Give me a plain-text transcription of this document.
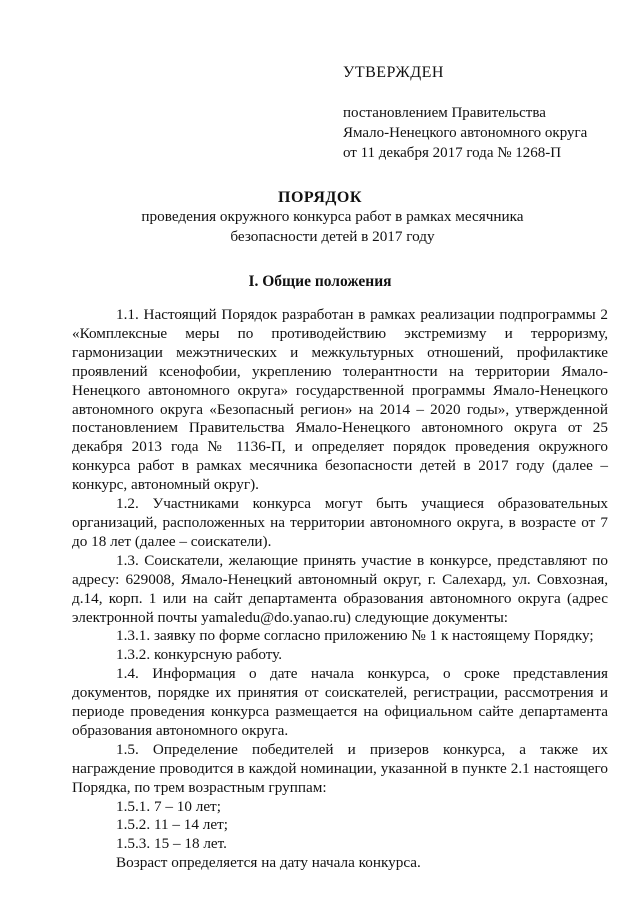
УТВЕРЖДЕН
постановлением Правительства
Ямало-Ненецкого автономного округа
от 11 декабря 2017 года № 1268-П
ПОРЯДОК
проведения окружного конкурса работ в рамках месячника безопасности детей в 2017 году
I. Общие положения

1.1. Настоящий Порядок разработан в рамках реализации подпрограммы 2 «Комплексные меры по противодействию экстремизму и терроризму, гармонизации межэтнических и межкультурных отношений, профилактике проявлений ксенофобии, укреплению толерантности на территории Ямало-Ненецкого автономного округа» государственной программы Ямало-Ненецкого автономного округа «Безопасный регион» на 2014 – 2020 годы», утвержденной постановлением Правительства Ямало-Ненецкого автономного округа от 25 декабря 2013 года № 1136-П, и определяет порядок проведения окружного конкурса работ в рамках месячника безопасности детей в 2017 году (далее – конкурс, автономный округ).

1.2. Участниками конкурса могут быть учащиеся образовательных организаций, расположенных на территории автономного округа, в возрасте от 7 до 18 лет (далее – соискатели).

1.3. Соискатели, желающие принять участие в конкурсе, представляют по адресу: 629008, Ямало-Ненецкий автономный округ, г. Салехард, ул. Совхозная, д.14, корп. 1 или на сайт департамента образования автономного округа (адрес электронной почты yamaledu@do.yanao.ru) следующие документы:

1.3.1. заявку по форме согласно приложению № 1 к настоящему Порядку;

1.3.2. конкурсную работу.

1.4. Информация о дате начала конкурса, о сроке представления документов, порядке их принятия от соискателей, регистрации, рассмотрения и периоде проведения конкурса размещается на официальном сайте департамента образования автономного округа.

1.5. Определение победителей и призеров конкурса, а также их награждение проводится в каждой номинации, указанной в пункте 2.1 настоящего Порядка, по трем возрастным группам:

1.5.1. 7 – 10 лет;

1.5.2. 11 – 14 лет;

1.5.3. 15 – 18 лет.

Возраст определяется на дату начала конкурса.
